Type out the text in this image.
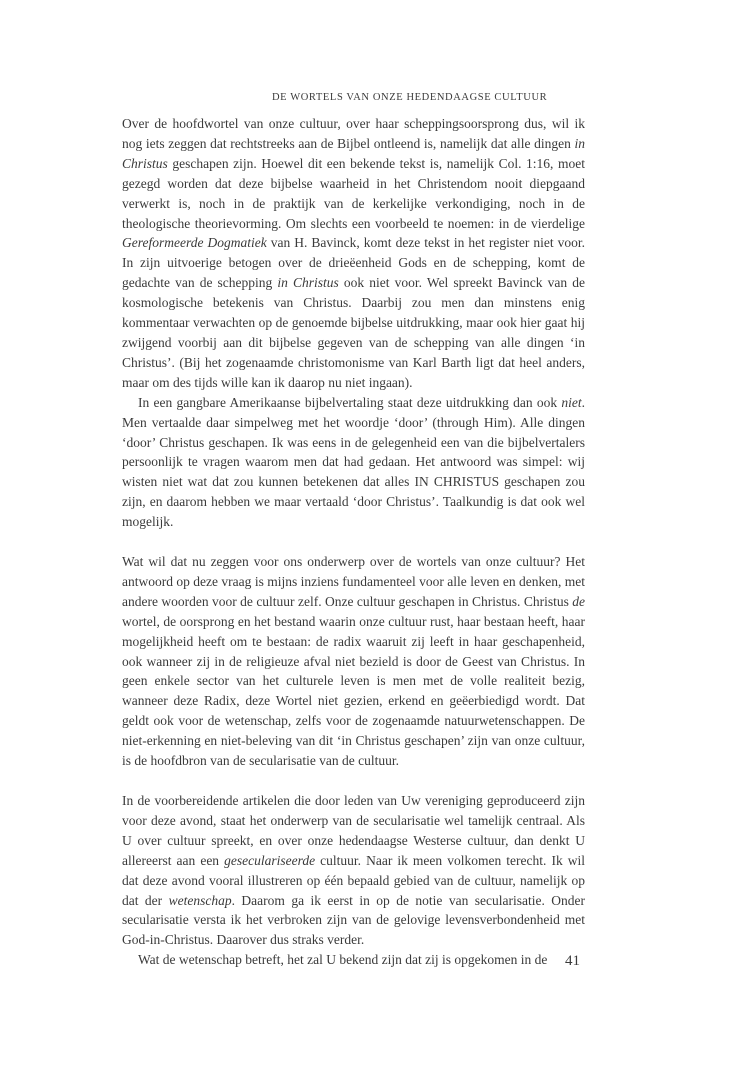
DE WORTELS VAN ONZE HEDENDAAGSE CULTUUR

Over de hoofdwortel van onze cultuur, over haar scheppingsoorsprong dus, wil ik nog iets zeggen dat rechtstreeks aan de Bijbel ontleend is, namelijk dat alle dingen in Christus geschapen zijn. Hoewel dit een bekende tekst is, namelijk Col. 1:16, moet gezegd worden dat deze bijbelse waarheid in het Christendom nooit diepgaand verwerkt is, noch in de praktijk van de kerkelijke verkondiging, noch in de theologische theorievorming. Om slechts een voorbeeld te noemen: in de vierdelige Gereformeerde Dogmatiek van H. Bavinck, komt deze tekst in het register niet voor. In zijn uitvoerige betogen over de drieëenheid Gods en de schepping, komt de gedachte van de schepping in Christus ook niet voor. Wel spreekt Bavinck van de kosmologische betekenis van Christus. Daarbij zou men dan minstens enig kommentaar verwachten op de genoemde bijbelse uitdrukking, maar ook hier gaat hij zwijgend voorbij aan dit bijbelse gegeven van de schepping van alle dingen ‘in Christus’. (Bij het zogenaamde christomonisme van Karl Barth ligt dat heel anders, maar om des tijds wille kan ik daarop nu niet ingaan).

In een gangbare Amerikaanse bijbelvertaling staat deze uitdrukking dan ook niet. Men vertaalde daar simpelweg met het woordje ‘door’ (through Him). Alle dingen ‘door’ Christus geschapen. Ik was eens in de gelegenheid een van die bijbelvertalers persoonlijk te vragen waarom men dat had gedaan. Het antwoord was simpel: wij wisten niet wat dat zou kunnen betekenen dat alles IN CHRISTUS geschapen zou zijn, en daarom hebben we maar vertaald ‘door Christus’. Taalkundig is dat ook wel mogelijk.

Wat wil dat nu zeggen voor ons onderwerp over de wortels van onze cultuur? Het antwoord op deze vraag is mijns inziens fundamenteel voor alle leven en denken, met andere woorden voor de cultuur zelf. Onze cultuur geschapen in Christus. Christus de wortel, de oorsprong en het bestand waarin onze cultuur rust, haar bestaan heeft, haar mogelijkheid heeft om te bestaan: de radix waaruit zij leeft in haar geschapenheid, ook wanneer zij in de religieuze afval niet bezield is door de Geest van Christus. In geen enkele sector van het culturele leven is men met de volle realiteit bezig, wanneer deze Radix, deze Wortel niet gezien, erkend en geëerbiedigd wordt. Dat geldt ook voor de wetenschap, zelfs voor de zogenaamde natuurwetenschappen. De niet-erkenning en niet-beleving van dit ‘in Christus geschapen’ zijn van onze cultuur, is de hoofdbron van de secularisatie van de cultuur.

In de voorbereidende artikelen die door leden van Uw vereniging geproduceerd zijn voor deze avond, staat het onderwerp van de secularisatie wel tamelijk centraal. Als U over cultuur spreekt, en over onze hedendaagse Westerse cultuur, dan denkt U allereerst aan een geseculariseerde cultuur. Naar ik meen volkomen terecht. Ik wil dat deze avond vooral illustreren op één bepaald gebied van de cultuur, namelijk op dat der wetenschap. Daarom ga ik eerst in op de notie van secularisatie. Onder secularisatie versta ik het verbroken zijn van de gelovige levensverbondenheid met God-in-Christus. Daarover dus straks verder.

Wat de wetenschap betreft, het zal U bekend zijn dat zij is opgekomen in de	41
